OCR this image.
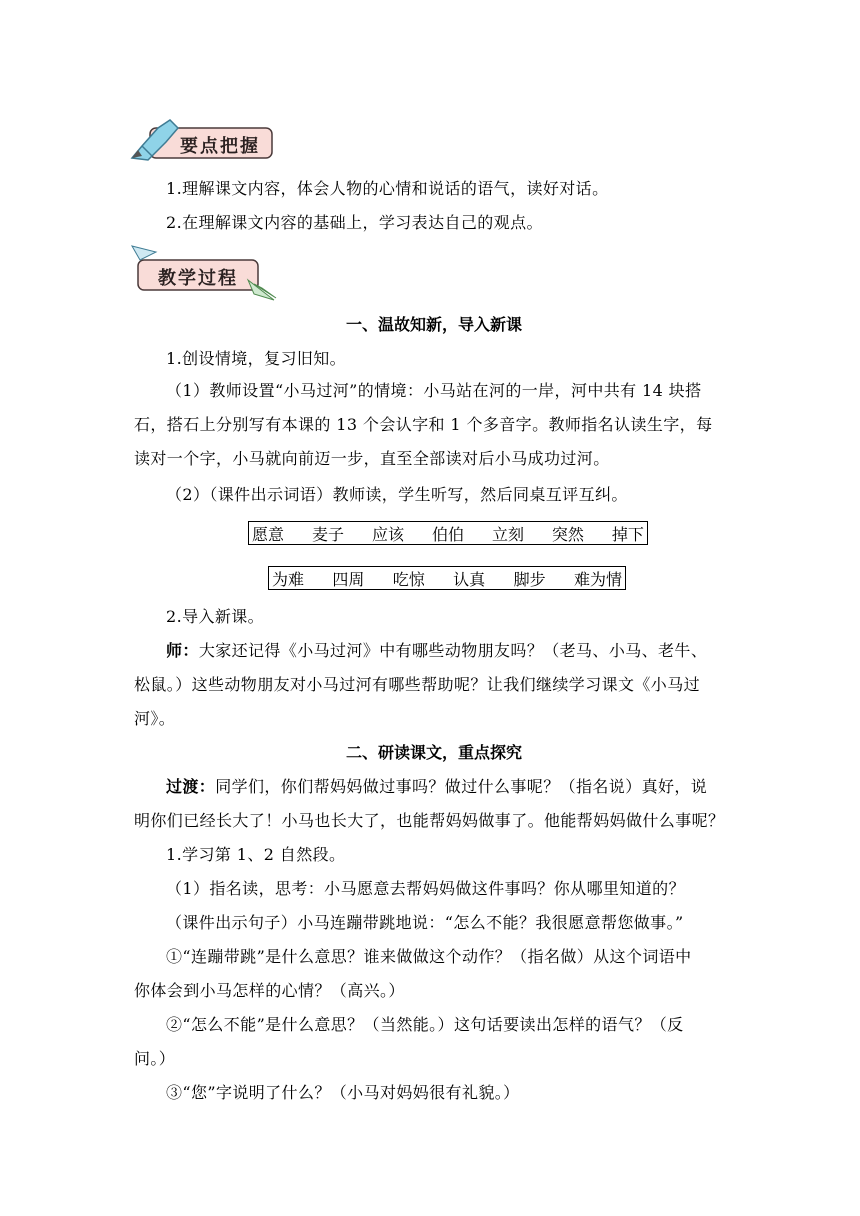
要点把握
教学过程
1.理解课文内容，体会人物的心情和说话的语气，读好对话。
2.在理解课文内容的基础上，学习表达自己的观点。
一、温故知新，导入新课
1.创设情境，复习旧知。
（1）教师设置“小马过河”的情境：小马站在河的一岸，河中共有 14 块搭
石，搭石上分别写有本课的 13 个会认字和 1 个多音字。教师指名认读生字，每
读对一个字，小马就向前迈一步，直至全部读对后小马成功过河。
（2）（课件出示词语）教师读，学生听写，然后同桌互评互纠。
愿意 麦子 应该 伯伯 立刻 突然 掉下
为难 四周 吃惊 认真 脚步 难为情
2.导入新课。
师：大家还记得《小马过河》中有哪些动物朋友吗？（老马、小马、老牛、
松鼠。）这些动物朋友对小马过河有哪些帮助呢？让我们继续学习课文《小马过
河》。
二、研读课文，重点探究
过渡：同学们，你们帮妈妈做过事吗？做过什么事呢？（指名说）真好，说
明你们已经长大了！小马也长大了，也能帮妈妈做事了。他能帮妈妈做什么事呢？
1.学习第 1、2 自然段。
（1）指名读，思考：小马愿意去帮妈妈做这件事吗？你从哪里知道的？
（课件出示句子）小马连蹦带跳地说：“怎么不能？我很愿意帮您做事。”
①“连蹦带跳”是什么意思？谁来做做这个动作？（指名做）从这个词语中
你体会到小马怎样的心情？（高兴。）
②“怎么不能”是什么意思？（当然能。）这句话要读出怎样的语气？（反
问。）
③“您”字说明了什么？（小马对妈妈很有礼貌。）
